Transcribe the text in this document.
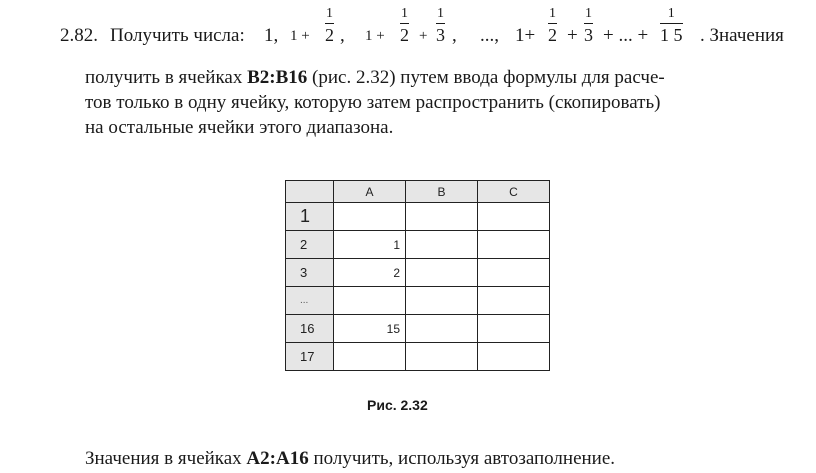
2.82. Получить числа: 1, 1 +
1
2 , 1 +
1
2 +
1
3 , ..., 1+
1
2 +
1
3 + ... +
1
1 5 . Значения
получить в ячейках B2:B16 (рис. 2.32) путем ввода формулы для расче-
тов только в одну ячейку, которую затем распространить (скопировать)
на остальные ячейки этого диапазона.
	A	B	C
1			
2	1		
3	2		
...			
16	15		
17			
Рис. 2.32
Значения в ячейках A2:A16 получить, используя автозаполнение.
